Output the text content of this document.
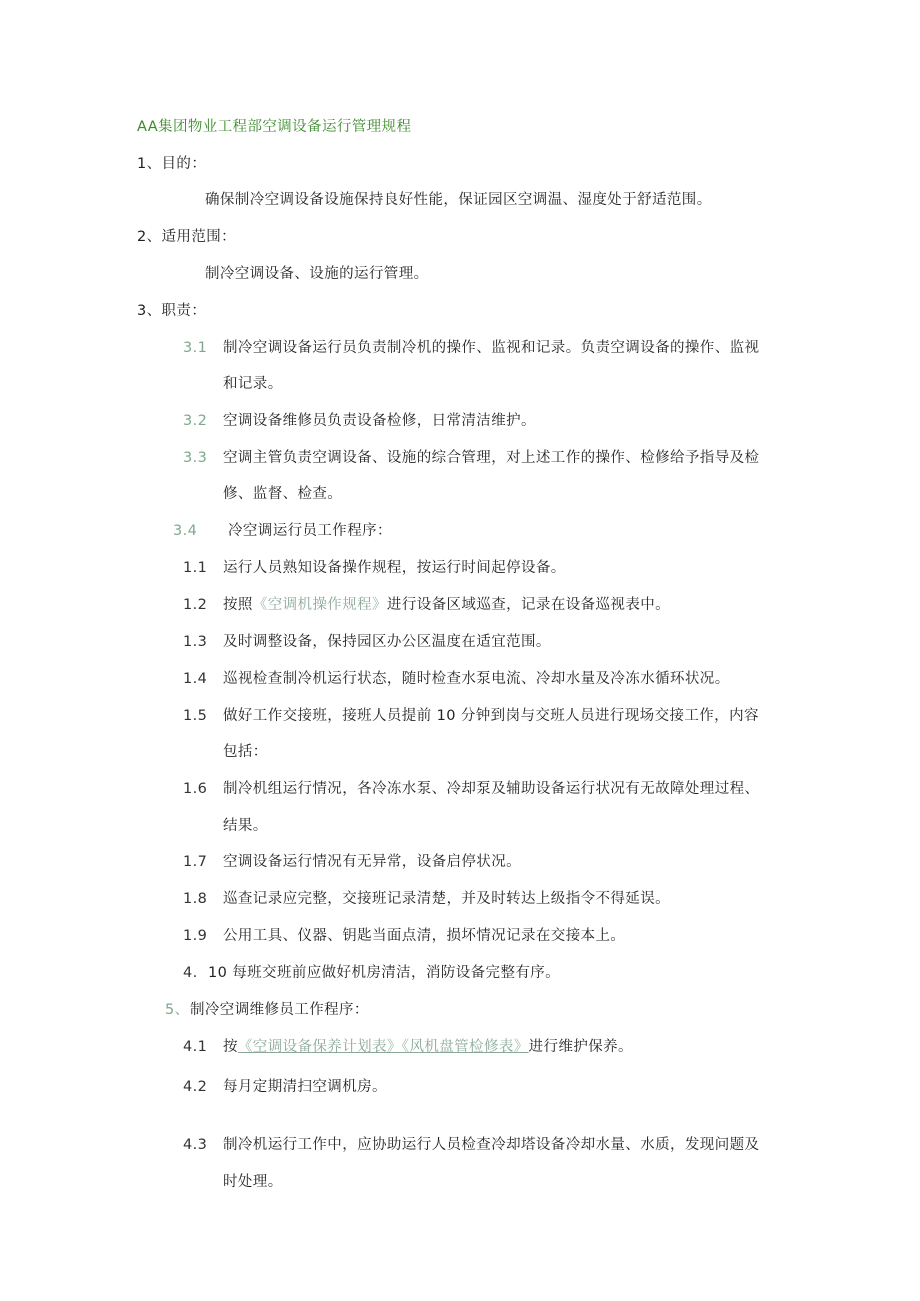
AA集团物业工程部空调设备运行管理规程
1、目的：
确保制冷空调设备设施保持良好性能，保证园区空调温、湿度处于舒适范围。
2、适用范围：
制冷空调设备、设施的运行管理。
3、职责：
3.1 制冷空调设备运行员负责制冷机的操作、监视和记录。负责空调设备的操作、监视
和记录。
3.2 空调设备维修员负责设备检修，日常清洁维护。
3.3 空调主管负责空调设备、设施的综合管理，对上述工作的操作、检修给予指导及检
修、监督、检查。
3.4 冷空调运行员工作程序：
1.1 运行人员熟知设备操作规程，按运行时间起停设备。
1.2 按照《空调机操作规程》进行设备区域巡查，记录在设备巡视表中。
1.3 及时调整设备，保持园区办公区温度在适宜范围。
1.4 巡视检查制冷机运行状态，随时检查水泵电流、冷却水量及冷冻水循环状况。
1.5 做好工作交接班，接班人员提前 10 分钟到岗与交班人员进行现场交接工作，内容
包括：
1.6 制冷机组运行情况，各冷冻水泵、冷却泵及辅助设备运行状况有无故障处理过程、
结果。
1.7 空调设备运行情况有无异常，设备启停状况。
1.8 巡查记录应完整，交接班记录清楚，并及时转达上级指令不得延误。
1.9 公用工具、仪器、钥匙当面点清，损坏情况记录在交接本上。
4. 10 每班交班前应做好机房清洁，消防设备完整有序。
5、 制冷空调维修员工作程序：
4.1 按《空调设备保养计划表》《风机盘管检修表》进行维护保养。
4.2 每月定期清扫空调机房。
4.3 制冷机运行工作中，应协助运行人员检查冷却塔设备冷却水量、水质，发现问题及
时处理。
